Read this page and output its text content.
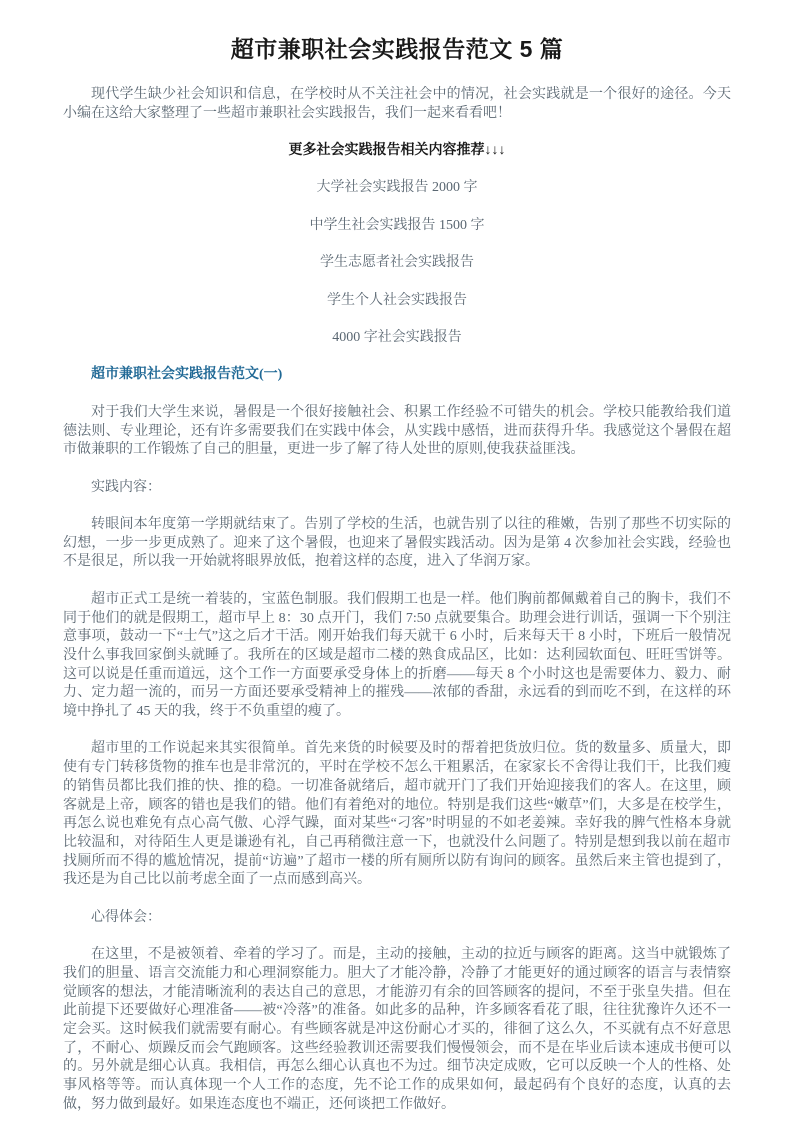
超市兼职社会实践报告范文 5 篇

现代学生缺少社会知识和信息，在学校时从不关注社会中的情况，社会实践就是一个很好的途径。今天小编在这给大家整理了一些超市兼职社会实践报告，我们一起来看看吧！

更多社会实践报告相关内容推荐↓↓↓

大学社会实践报告 2000 字

中学生社会实践报告 1500 字

学生志愿者社会实践报告

学生个人社会实践报告

4000 字社会实践报告

超市兼职社会实践报告范文(一)

对于我们大学生来说，暑假是一个很好接触社会、积累工作经验不可错失的机会。学校只能教给我们道德法则、专业理论，还有许多需要我们在实践中体会，从实践中感悟，进而获得升华。我感觉这个暑假在超市做兼职的工作锻炼了自己的胆量，更进一步了解了待人处世的原则,使我获益匪浅。

实践内容：

转眼间本年度第一学期就结束了。告别了学校的生活，也就告别了以往的稚嫩，告别了那些不切实际的幻想，一步一步更成熟了。迎来了这个暑假，也迎来了暑假实践活动。因为是第 4 次参加社会实践，经验也不是很足，所以我一开始就将眼界放低，抱着这样的态度，进入了华润万家。

超市正式工是统一着装的，宝蓝色制服。我们假期工也是一样。他们胸前都佩戴着自己的胸卡，我们不同于他们的就是假期工，超市早上 8：30 点开门，我们 7:50 点就要集合。助理会进行训话，强调一下个别注意事项，鼓动一下“士气”这之后才干活。刚开始我们每天就干 6 小时，后来每天干 8 小时，下班后一般情况没什么事我回家倒头就睡了。我所在的区域是超市二楼的熟食成品区，比如：达利园软面包、旺旺雪饼等。这可以说是任重而道远，这个工作一方面要承受身体上的折磨——每天 8 个小时这也是需要体力、毅力、耐力、定力超一流的，而另一方面还要承受精神上的摧残——浓郁的香甜，永远看的到而吃不到，在这样的环境中挣扎了 45 天的我，终于不负重望的瘦了。

超市里的工作说起来其实很简单。首先来货的时候要及时的帮着把货放归位。货的数量多、质量大，即使有专门转移货物的推车也是非常沉的，平时在学校不怎么干粗累活，在家家长不舍得让我们干，比我们瘦的销售员都比我们推的快、推的稳。一切准备就绪后，超市就开门了我们开始迎接我们的客人。在这里，顾客就是上帝，顾客的错也是我们的错。他们有着绝对的地位。特别是我们这些“嫩草”们，大多是在校学生，再怎么说也难免有点心高气傲、心浮气躁，面对某些“刁客”时明显的不如老姜辣。幸好我的脾气性格本身就比较温和，对待陌生人更是谦逊有礼，自己再稍微注意一下，也就没什么问题了。特别是想到我以前在超市找厕所而不得的尴尬情况，提前“访遍”了超市一楼的所有厕所以防有询问的顾客。虽然后来主管也提到了，我还是为自己比以前考虑全面了一点而感到高兴。

心得体会：

在这里，不是被领着、牵着的学习了。而是，主动的接触，主动的拉近与顾客的距离。这当中就锻炼了我们的胆量、语言交流能力和心理洞察能力。胆大了才能冷静，冷静了才能更好的通过顾客的语言与表情察觉顾客的想法，才能清晰流利的表达自己的意思，才能游刃有余的回答顾客的提问，不至于张皇失措。但在此前提下还要做好心理准备——被“冷落”的准备。如此多的品种，许多顾客看花了眼，往往犹豫许久还不一定会买。这时候我们就需要有耐心。有些顾客就是冲这份耐心才买的，徘徊了这么久，不买就有点不好意思了，不耐心、烦躁反而会气跑顾客。这些经验教训还需要我们慢慢领会，而不是在毕业后读本速成书便可以的。另外就是细心认真。我相信，再怎么细心认真也不为过。细节决定成败，它可以反映一个人的性格、处事风格等等。而认真体现一个人工作的态度，先不论工作的成果如何，最起码有个良好的态度，认真的去做，努力做到最好。如果连态度也不端正，还何谈把工作做好。
